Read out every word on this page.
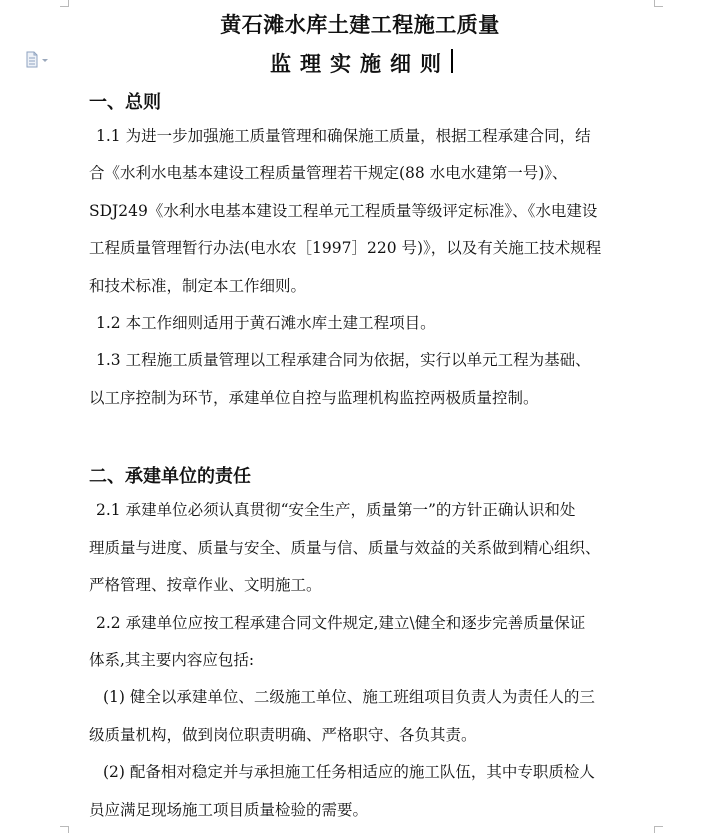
黄石滩水库土建工程施工质量
监理实施细则
一、总则
1.1 为进一步加强施工质量管理和确保施工质量，根据工程承建合同，结
合《水利水电基本建设工程质量管理若干规定(88 水电水建第一号)》、
SDJ249《水利水电基本建设工程单元工程质量等级评定标准》、《水电建设
工程质量管理暂行办法(电水农［1997］220 号)》，以及有关施工技术规程
和技术标准，制定本工作细则。
1.2 本工作细则适用于黄石滩水库土建工程项目。
1.3 工程施工质量管理以工程承建合同为依据，实行以单元工程为基础、
以工序控制为环节，承建单位自控与监理机构监控两极质量控制。
二、承建单位的责任
2.1 承建单位必须认真贯彻“安全生产，质量第一”的方针正确认识和处
理质量与进度、质量与安全、质量与信、质量与效益的关系做到精心组织、
严格管理、按章作业、文明施工。
2.2 承建单位应按工程承建合同文件规定,建立\健全和逐步完善质量保证
体系,其主要内容应包括:
(1) 健全以承建单位、二级施工单位、施工班组项目负责人为责任人的三
级质量机构，做到岗位职责明确、严格职守、各负其责。
(2) 配备相对稳定并与承担施工任务相适应的施工队伍，其中专职质检人
员应满足现场施工项目质量检验的需要。
